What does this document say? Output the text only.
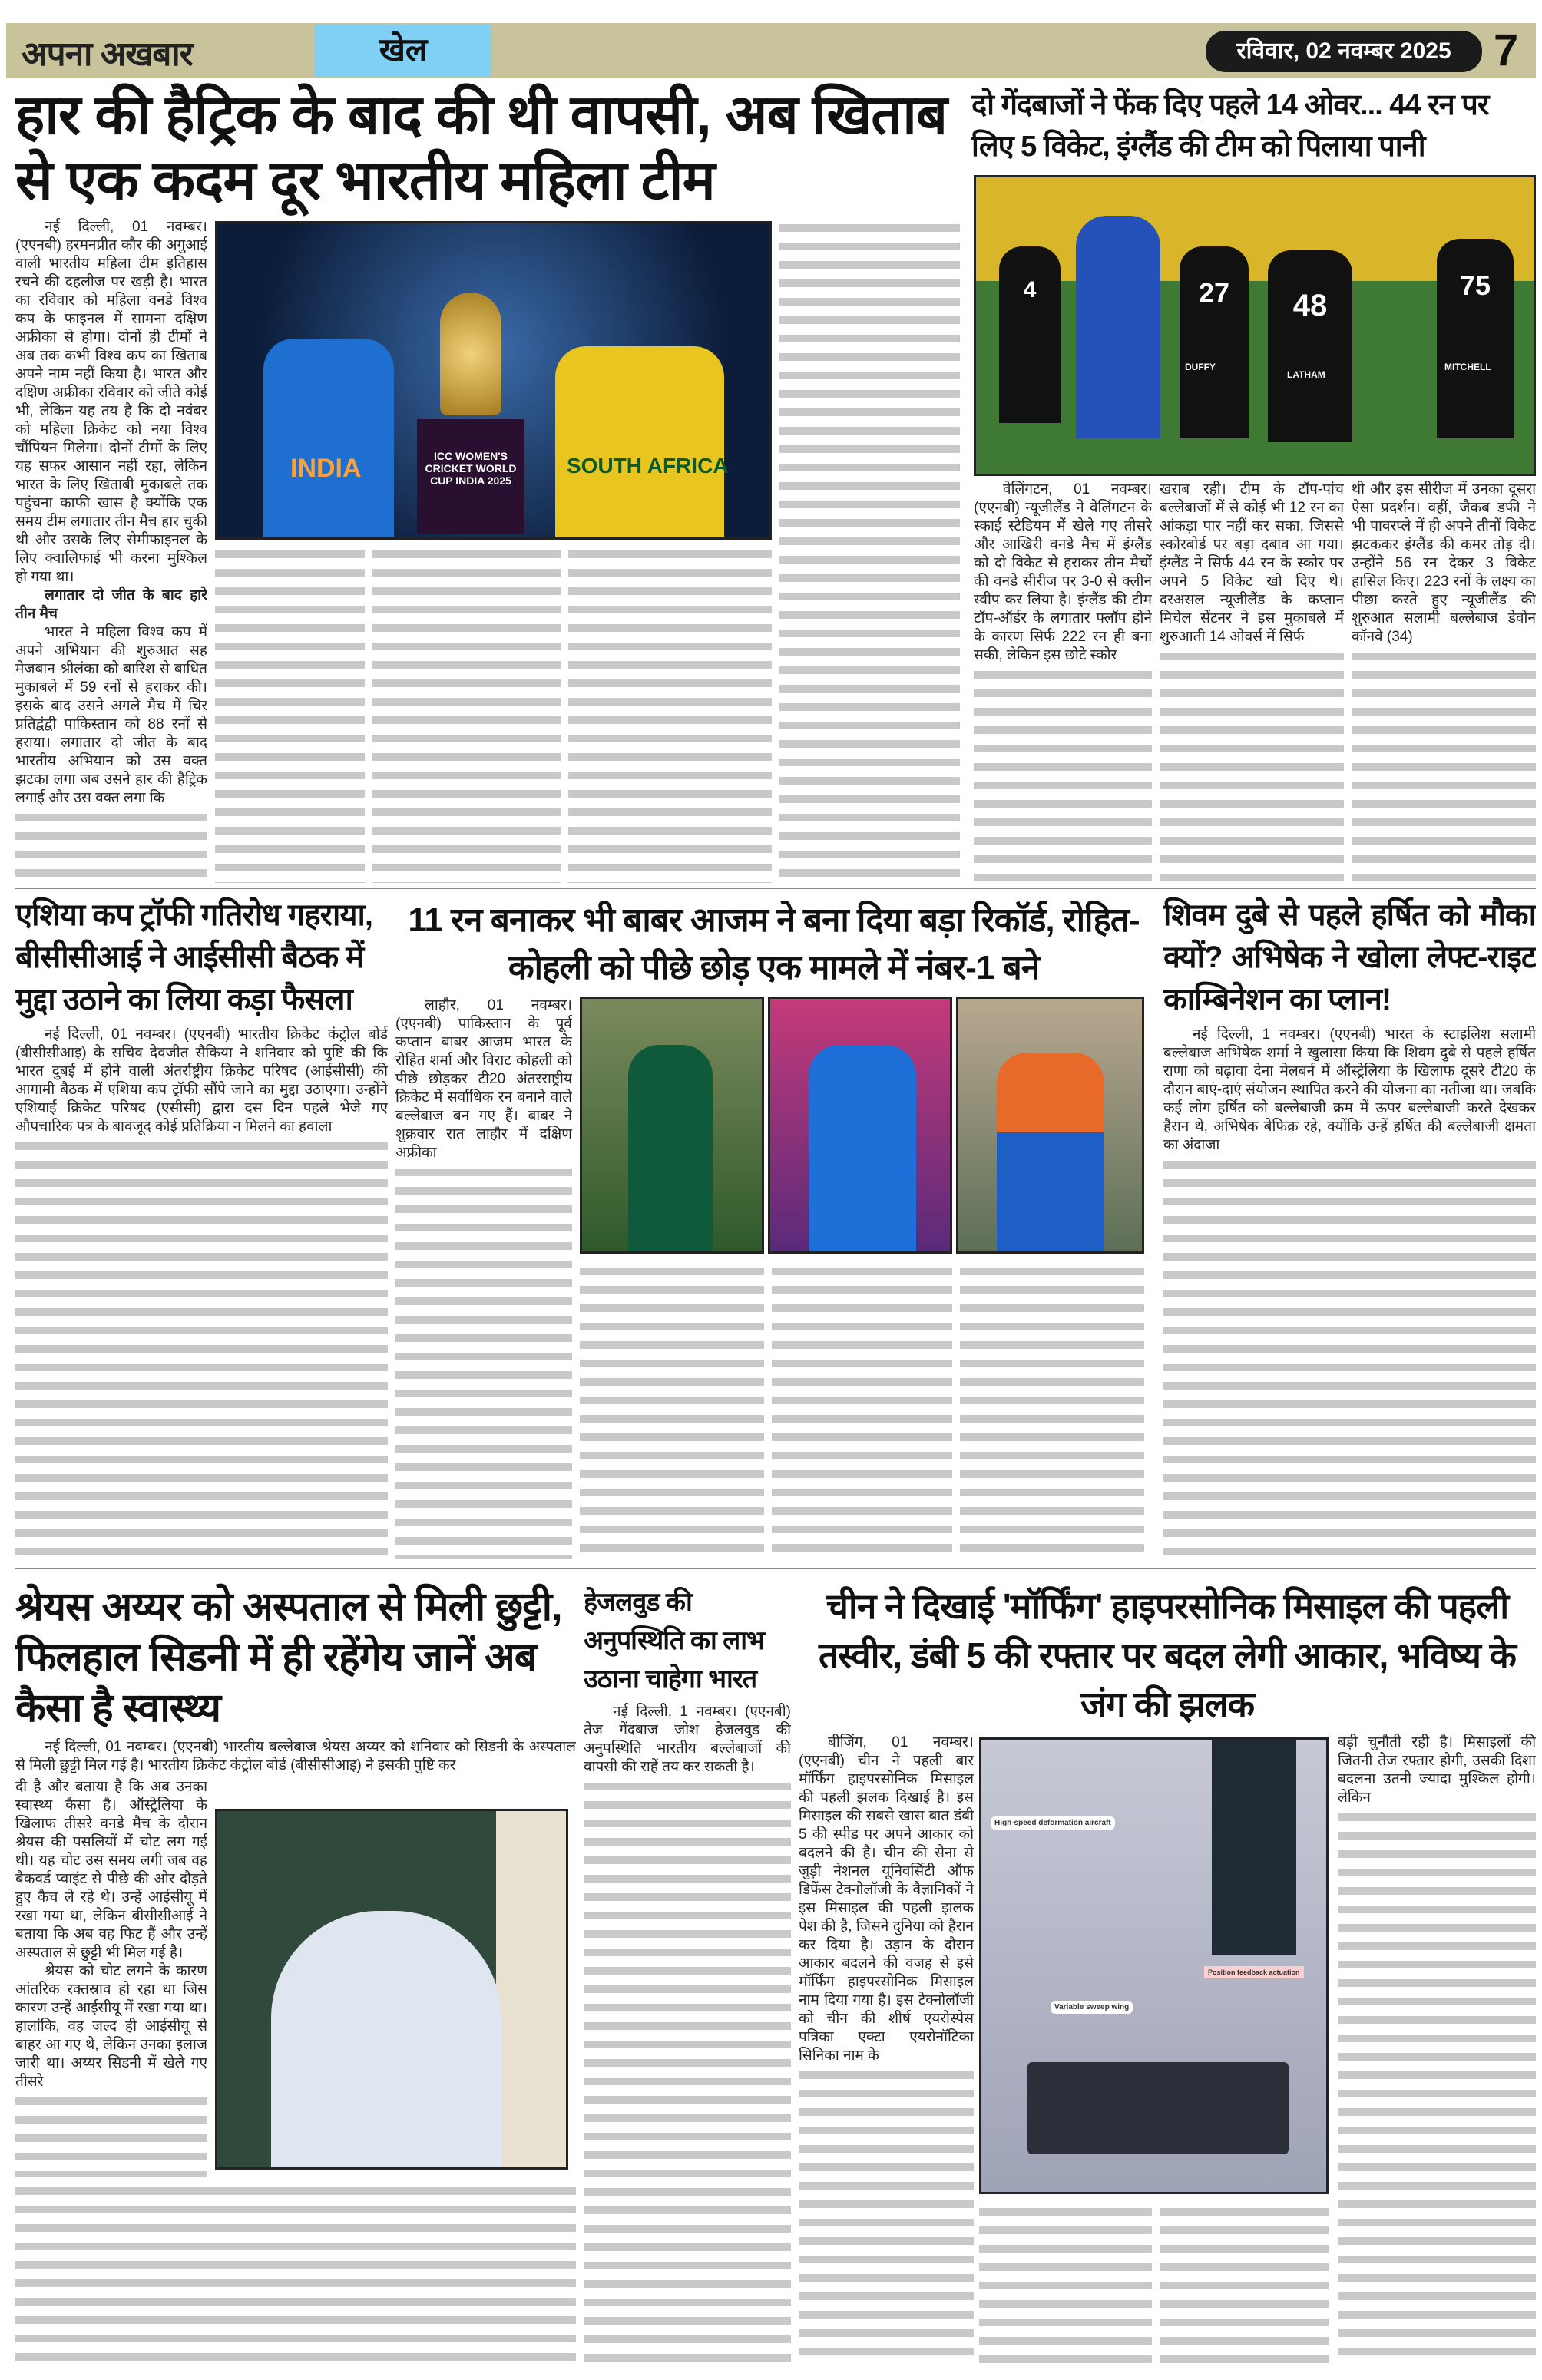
अपना अखबार	खेल	रविवार, 02 नवम्बर 2025 7
हार की हैट्रिक के बाद की थी वापसी, अब खिताब से एक कदम दूर भारतीय महिला टीम

नई दिल्ली, 01 नवम्बर। (एएनबी) हरमनप्रीत कौर की अगुआई वाली भारतीय महिला टीम इतिहास रचने की दहलीज पर खड़ी है। भारत का रविवार को महिला वनडे विश्व कप के फाइनल में सामना दक्षिण अफ्रीका से होगा। दोनों ही टीमों ने अब तक कभी विश्व कप का खिताब अपने नाम नहीं किया है। भारत और दक्षिण अफ्रीका रविवार को जीते कोई भी, लेकिन यह तय है कि दो नवंबर को महिला क्रिकेट को नया विश्व चौंपियन मिलेगा। दोनों टीमों के लिए यह सफर आसान नहीं रहा, लेकिन भारत के लिए खिताबी मुकाबले तक पहुंचना काफी खास है क्योंकि एक समय टीम लगातार तीन मैच हार चुकी थी और उसके लिए सेमीफाइनल के लिए क्वालिफाई भी करना मुश्किल हो गया था।

लगातार दो जीत के बाद हारे तीन मैच

भारत ने महिला विश्व कप में अपने अभियान की शुरुआत सह मेजबान श्रीलंका को बारिश से बाधित मुकाबले में 59 रनों से हराकर की। इसके बाद उसने अगले मैच में चिर प्रतिद्वंद्वी पाकिस्तान को 88 रनों से हराया। लगातार दो जीत के बाद भारतीय अभियान को उस वक्त झटका लगा जब उसने हार की हैट्रिक लगाई और उस वक्त लगा कि

INDIA	ICC WOMEN'S CRICKET WORLD CUP INDIA 2025
SOUTH AFRICA
दो गेंदबाजों ने फेंक दिए पहले 14 ओवर... 44 रन पर लिए 5 विकेट, इंग्लैंड की टीम को पिलाया पानी
4	27
DUFFY
48
LATHAM
75
MITCHELL

वेलिंगटन, 01 नवम्बर। (एएनबी) न्यूजीलैंड ने वेलिंगटन के स्काई स्टेडियम में खेले गए तीसरे और आखिरी वनडे मैच में इंग्लैंड को दो विकेट से हराकर तीन मैचों की वनडे सीरीज पर 3-0 से क्लीन स्वीप कर लिया है। इंग्लैंड की टीम टॉप-ऑर्डर के लगातार फ्लॉप होने के कारण सिर्फ 222 रन ही बना सकी, लेकिन इस छोटे स्कोर

खराब रही। टीम के टॉप-पांच बल्लेबाजों में से कोई भी 12 रन का आंकड़ा पार नहीं कर सका, जिससे स्कोरबोर्ड पर बड़ा दबाव आ गया। इंग्लैंड ने सिर्फ 44 रन के स्कोर पर अपने 5 विकेट खो दिए थे। दरअसल न्यूजीलैंड के कप्तान मिचेल सेंटनर ने इस मुकाबले में शुरुआती 14 ओवर्स में सिर्फ

थी और इस सीरीज में उनका दूसरा ऐसा प्रदर्शन। वहीं, जैकब डफी ने भी पावरप्ले में ही अपने तीनों विकेट झटककर इंग्लैंड की कमर तोड़ दी। उन्होंने 56 रन देकर 3 विकेट हासिल किए। 223 रनों के लक्ष्य का पीछा करते हुए न्यूजीलैंड की शुरुआत सलामी बल्लेबाज डेवोन कॉनवे (34)

एशिया कप ट्रॉफी गतिरोध गहराया, बीसीसीआई ने आईसीसी बैठक में मुद्दा उठाने का लिया कड़ा फैसला

नई दिल्ली, 01 नवम्बर। (एएनबी) भारतीय क्रिकेट कंट्रोल बोर्ड (बीसीसीआइ) के सचिव देवजीत सैकिया ने शनिवार को पुष्टि की कि भारत दुबई में होने वाली अंतर्राष्ट्रीय क्रिकेट परिषद (आईसीसी) की आगामी बैठक में एशिया कप ट्रॉफी सौंपे जाने का मुद्दा उठाएगा। उन्होंने एशियाई क्रिकेट परिषद (एसीसी) द्वारा दस दिन पहले भेजे गए औपचारिक पत्र के बावजूद कोई प्रतिक्रिया न मिलने का हवाला

11 रन बनाकर भी बाबर आजम ने बना दिया बड़ा रिकॉर्ड, रोहित-कोहली को पीछे छोड़ एक मामले में नंबर-1 बने

लाहौर, 01 नवम्बर। (एएनबी) पाकिस्तान के पूर्व कप्तान बाबर आजम भारत के रोहित शर्मा और विराट कोहली को पीछे छोड़कर टी20 अंतरराष्ट्रीय क्रिकेट में सर्वाधिक रन बनाने वाले बल्लेबाज बन गए हैं। बाबर ने शुक्रवार रात लाहौर में दक्षिण अफ्रीका

शिवम दुबे से पहले हर्षित को मौका क्यों? अभिषेक ने खोला लेफ्ट-राइट काम्बिनेशन का प्लान!

नई दिल्ली, 1 नवम्बर। (एएनबी) भारत के स्टाइलिश सलामी बल्लेबाज अभिषेक शर्मा ने खुलासा किया कि शिवम दुबे से पहले हर्षित राणा को बढ़ावा देना मेलबर्न में ऑस्ट्रेलिया के खिलाफ दूसरे टी20 के दौरान बाएं-दाएं संयोजन स्थापित करने की योजना का नतीजा था। जबकि कई लोग हर्षित को बल्लेबाजी क्रम में ऊपर बल्लेबाजी करते देखकर हैरान थे, अभिषेक बेफिक्र रहे, क्योंकि उन्हें हर्षित की बल्लेबाजी क्षमता का अंदाजा

श्रेयस अय्यर को अस्पताल से मिली छुट्टी, फिलहाल सिडनी में ही रहेंगेय जानें अब कैसा है स्वास्थ्य

नई दिल्ली, 01 नवम्बर। (एएनबी) भारतीय बल्लेबाज श्रेयस अय्यर को शनिवार को सिडनी के अस्पताल से मिली छुट्टी मिल गई है। भारतीय क्रिकेट कंट्रोल बोर्ड (बीसीसीआइ) ने इसकी पुष्टि कर

दी है और बताया है कि अब उनका स्वास्थ्य कैसा है। ऑस्ट्रेलिया के खिलाफ तीसरे वनडे मैच के दौरान श्रेयस की पसलियों में चोट लग गई थी। यह चोट उस समय लगी जब वह बैकवर्ड प्वाइंट से पीछे की ओर दौड़ते हुए कैच ले रहे थे। उन्हें आईसीयू में रखा गया था, लेकिन बीसीसीआई ने बताया कि अब वह फिट हैं और उन्हें अस्पताल से छुट्टी भी मिल गई है।

श्रेयस को चोट लगने के कारण आंतरिक रक्तस्राव हो रहा था जिस कारण उन्हें आईसीयू में रखा गया था। हालांकि, वह जल्द ही आईसीयू से बाहर आ गए थे, लेकिन उनका इलाज जारी था। अय्यर सिडनी में खेले गए तीसरे

हेजलवुड की अनुपस्थिति का लाभ उठाना चाहेगा भारत

नई दिल्ली, 1 नवम्बर। (एएनबी) तेज गेंदबाज जोश हेजलवुड की अनुपस्थिति भारतीय बल्लेबाजों की वापसी की राहें तय कर सकती है।

चीन ने दिखाई 'मॉर्फिंग' हाइपरसोनिक मिसाइल की पहली तस्वीर, डंबी 5 की रफ्तार पर बदल लेगी आकार, भविष्य के जंग की झलक

बीजिंग, 01 नवम्बर। (एएनबी) चीन ने पहली बार मॉर्फिंग हाइपरसोनिक मिसाइल की पहली झलक दिखाई है। इस मिसाइल की सबसे खास बात डंबी 5 की स्पीड पर अपने आकार को बदलने की है। चीन की सेना से जुड़ी नेशनल यूनिवर्सिटी ऑफ डिफेंस टेक्नोलॉजी के वैज्ञानिकों ने इस मिसाइल की पहली झलक पेश की है, जिसने दुनिया को हैरान कर दिया है। उड़ान के दौरान आकार बदलने की वजह से इसे मॉर्फिंग हाइपरसोनिक मिसाइल नाम दिया गया है। इस टेक्नोलॉजी को चीन की शीर्ष एयरोस्पेस पत्रिका एक्टा एयरोनॉटिका सिनिका नाम के

High-speed deformation aircraft
Variable sweep wing
Position feedback actuation

बड़ी चुनौती रही है। मिसाइलों की जितनी तेज रफ्तार होगी, उसकी दिशा बदलना उतनी ज्यादा मुश्किल होगी। लेकिन
